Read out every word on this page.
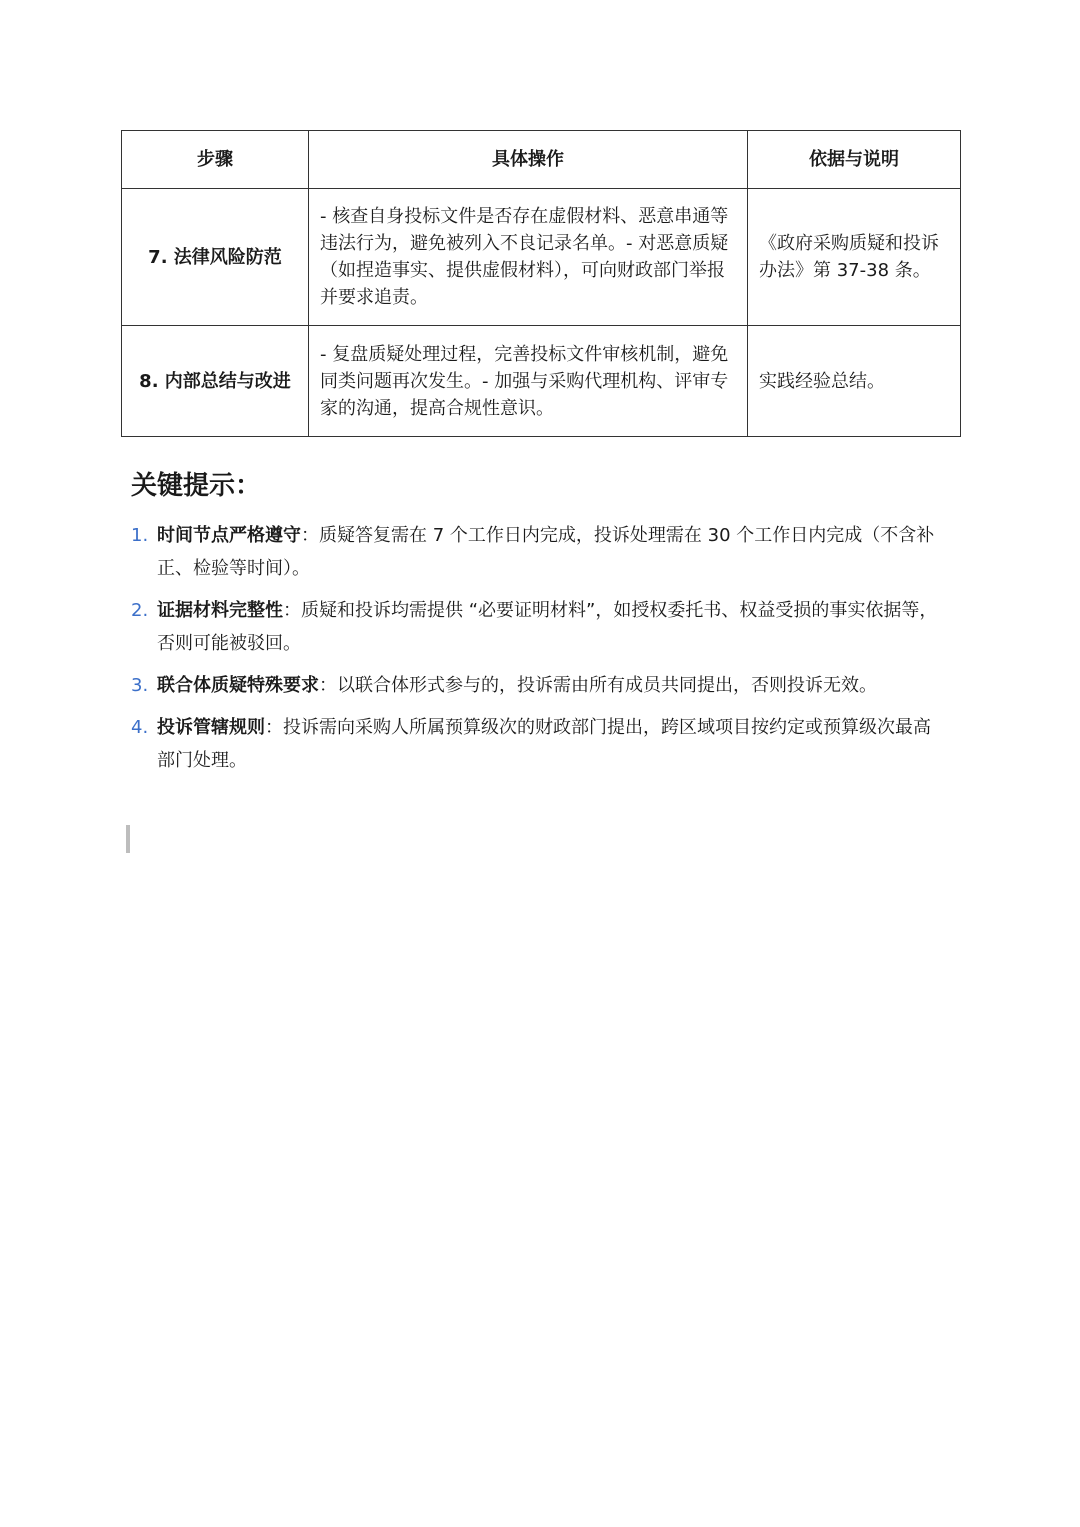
步骤	具体操作	依据与说明
7. 法律风险防范	- 核查自身投标文件是否存在虚假材料、恶意串通等违法行为，避免被列入不良记录名单。- 对恶意质疑（如捏造事实、提供虚假材料），可向财政部门举报并要求追责。	《政府采购质疑和投诉办法》第 37-38 条。
8. 内部总结与改进	- 复盘质疑处理过程，完善投标文件审核机制，避免同类问题再次发生。- 加强与采购代理机构、评审专家的沟通，提高合规性意识。	实践经验总结。
关键提示：
1. 时间节点严格遵守：质疑答复需在 7 个工作日内完成，投诉处理需在 30 个工作日内完成（不含补正、检验等时间）。
2. 证据材料完整性：质疑和投诉均需提供 “必要证明材料”，如授权委托书、权益受损的事实依据等，否则可能被驳回。
3. 联合体质疑特殊要求：以联合体形式参与的，投诉需由所有成员共同提出，否则投诉无效。
4. 投诉管辖规则：投诉需向采购人所属预算级次的财政部门提出，跨区域项目按约定或预算级次最高部门处理。
